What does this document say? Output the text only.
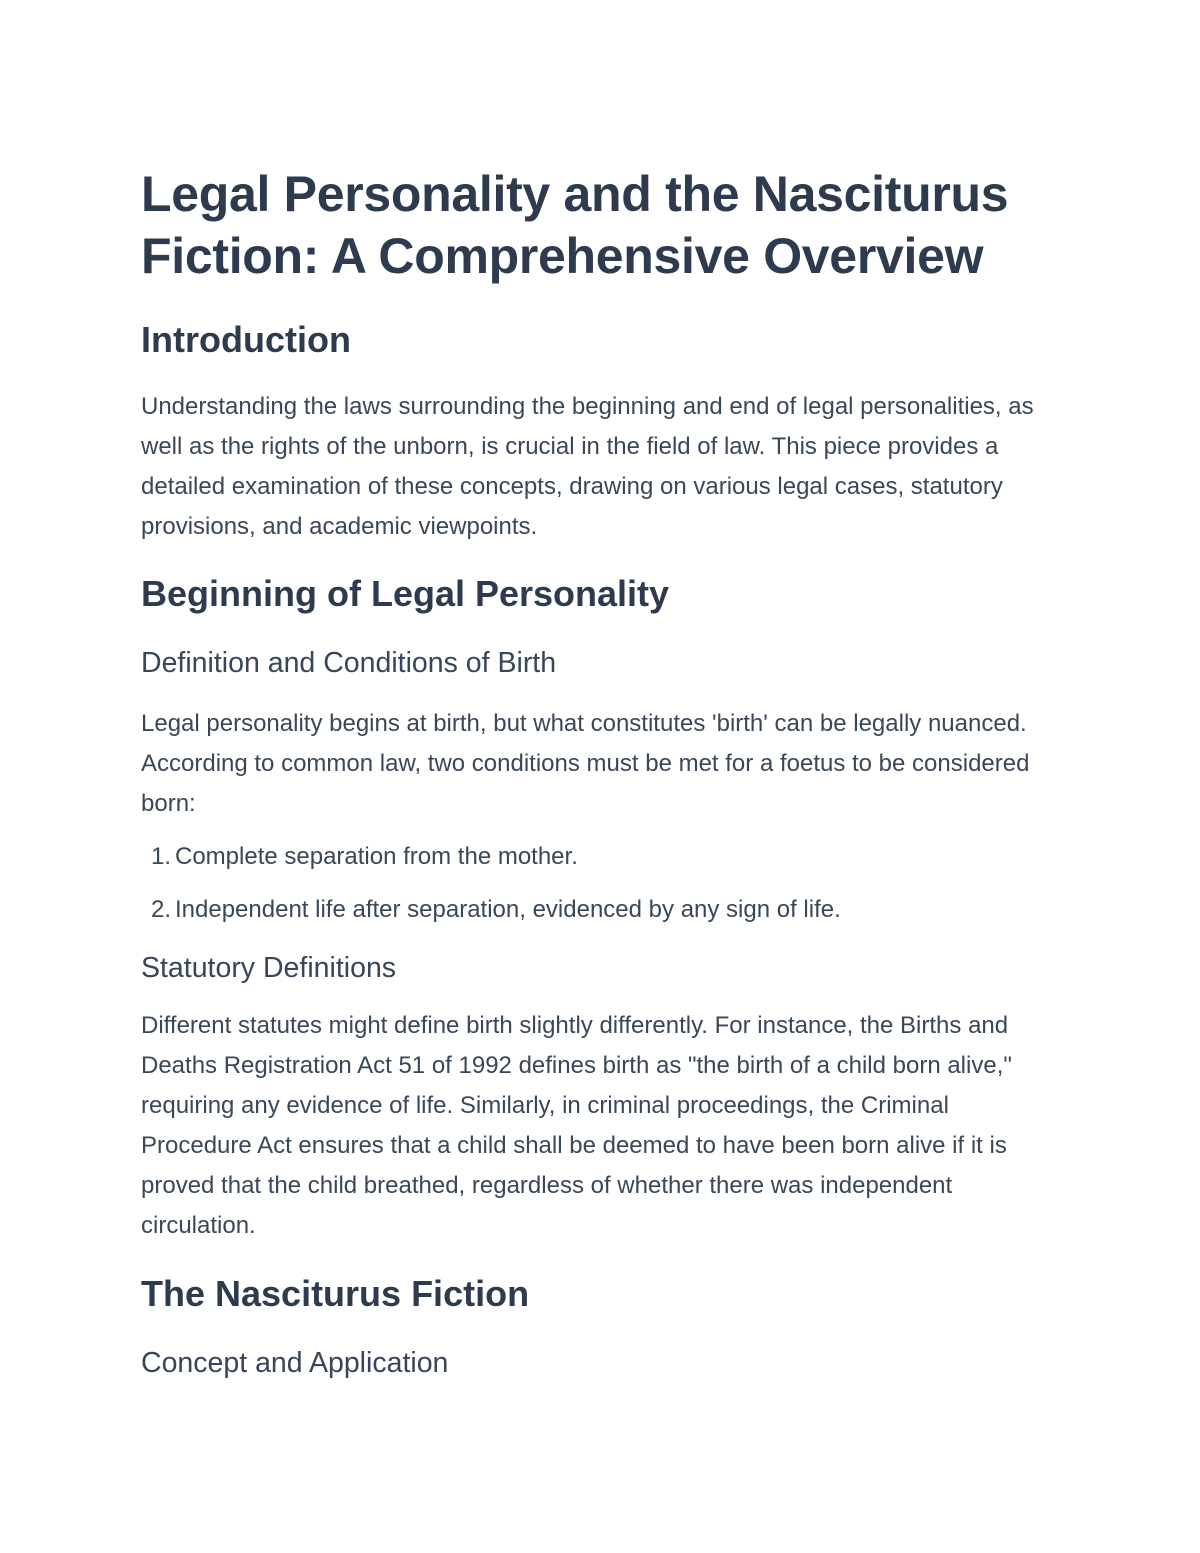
Legal Personality and the Nasciturus Fiction: A Comprehensive Overview
Introduction

Understanding the laws surrounding the beginning and end of legal personalities, as well as the rights of the unborn, is crucial in the field of law. This piece provides a detailed examination of these concepts, drawing on various legal cases, statutory provisions, and academic viewpoints.

Beginning of Legal Personality
Definition and Conditions of Birth

Legal personality begins at birth, but what constitutes 'birth' can be legally nuanced. According to common law, two conditions must be met for a foetus to be considered born:

1. Complete separation from the mother.
2. Independent life after separation, evidenced by any sign of life.
Statutory Definitions

Different statutes might define birth slightly differently. For instance, the Births and Deaths Registration Act 51 of 1992 defines birth as "the birth of a child born alive," requiring any evidence of life. Similarly, in criminal proceedings, the Criminal Procedure Act ensures that a child shall be deemed to have been born alive if it is proved that the child breathed, regardless of whether there was independent circulation.

The Nasciturus Fiction
Concept and Application
